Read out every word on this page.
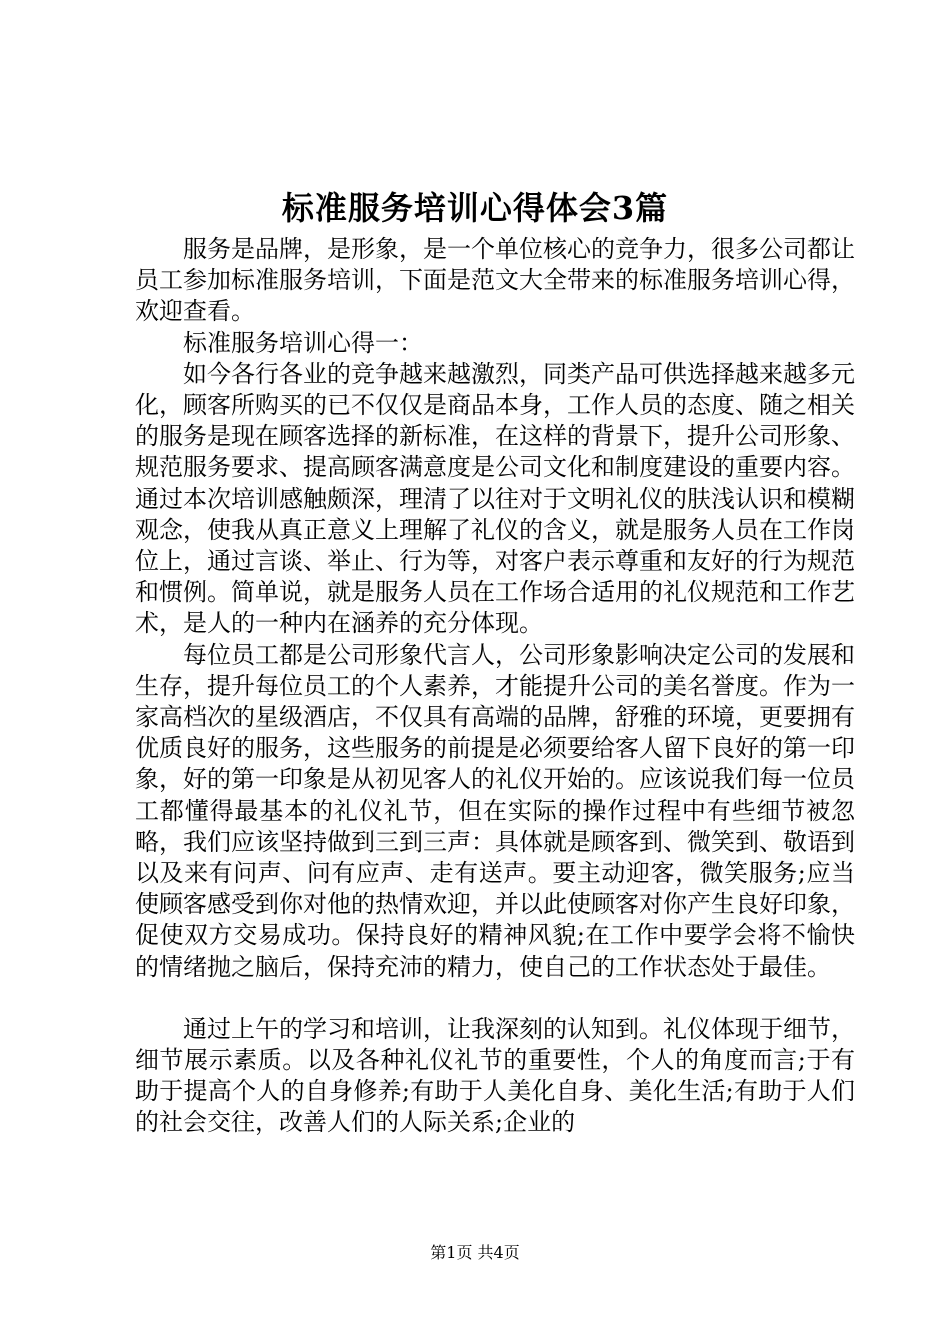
标准服务培训心得体会3篇

服务是品牌，是形象，是一个单位核心的竞争力，很多公司都让员工参加标准服务培训，下面是范文大全带来的标准服务培训心得，欢迎查看。

标准服务培训心得一：

如今各行各业的竞争越来越激烈，同类产品可供选择越来越多元化，顾客所购买的已不仅仅是商品本身，工作人员的态度、随之相关的服务是现在顾客选择的新标准，在这样的背景下，提升公司形象、规范服务要求、提高顾客满意度是公司文化和制度建设的重要内容。通过本次培训感触颇深，理清了以往对于文明礼仪的肤浅认识和模糊观念，使我从真正意义上理解了礼仪的含义，就是服务人员在工作岗位上，通过言谈、举止、行为等，对客户表示尊重和友好的行为规范和惯例。简单说，就是服务人员在工作场合适用的礼仪规范和工作艺术，是人的一种内在涵养的充分体现。

每位员工都是公司形象代言人，公司形象影响决定公司的发展和生存，提升每位员工的个人素养，才能提升公司的美名誉度。作为一家高档次的星级酒店，不仅具有高端的品牌，舒雅的环境，更要拥有优质良好的服务，这些服务的前提是必须要给客人留下良好的第一印象，好的第一印象是从初见客人的礼仪开始的。应该说我们每一位员工都懂得最基本的礼仪礼节，但在实际的操作过程中有些细节被忽略，我们应该坚持做到三到三声：具体就是顾客到、微笑到、敬语到以及来有问声、问有应声、走有送声。要主动迎客，微笑服务;应当使顾客感受到你对他的热情欢迎，并以此使顾客对你产生良好印象，促使双方交易成功。保持良好的精神风貌;在工作中要学会将不愉快的情绪抛之脑后，保持充沛的精力，使自己的工作状态处于最佳。

通过上午的学习和培训，让我深刻的认知到。礼仪体现于细节，细节展示素质。以及各种礼仪礼节的重要性，个人的角度而言;于有助于提高个人的自身修养;有助于人美化自身、美化生活;有助于人们的社会交往，改善人们的人际关系;企业的

第1页 共4页
